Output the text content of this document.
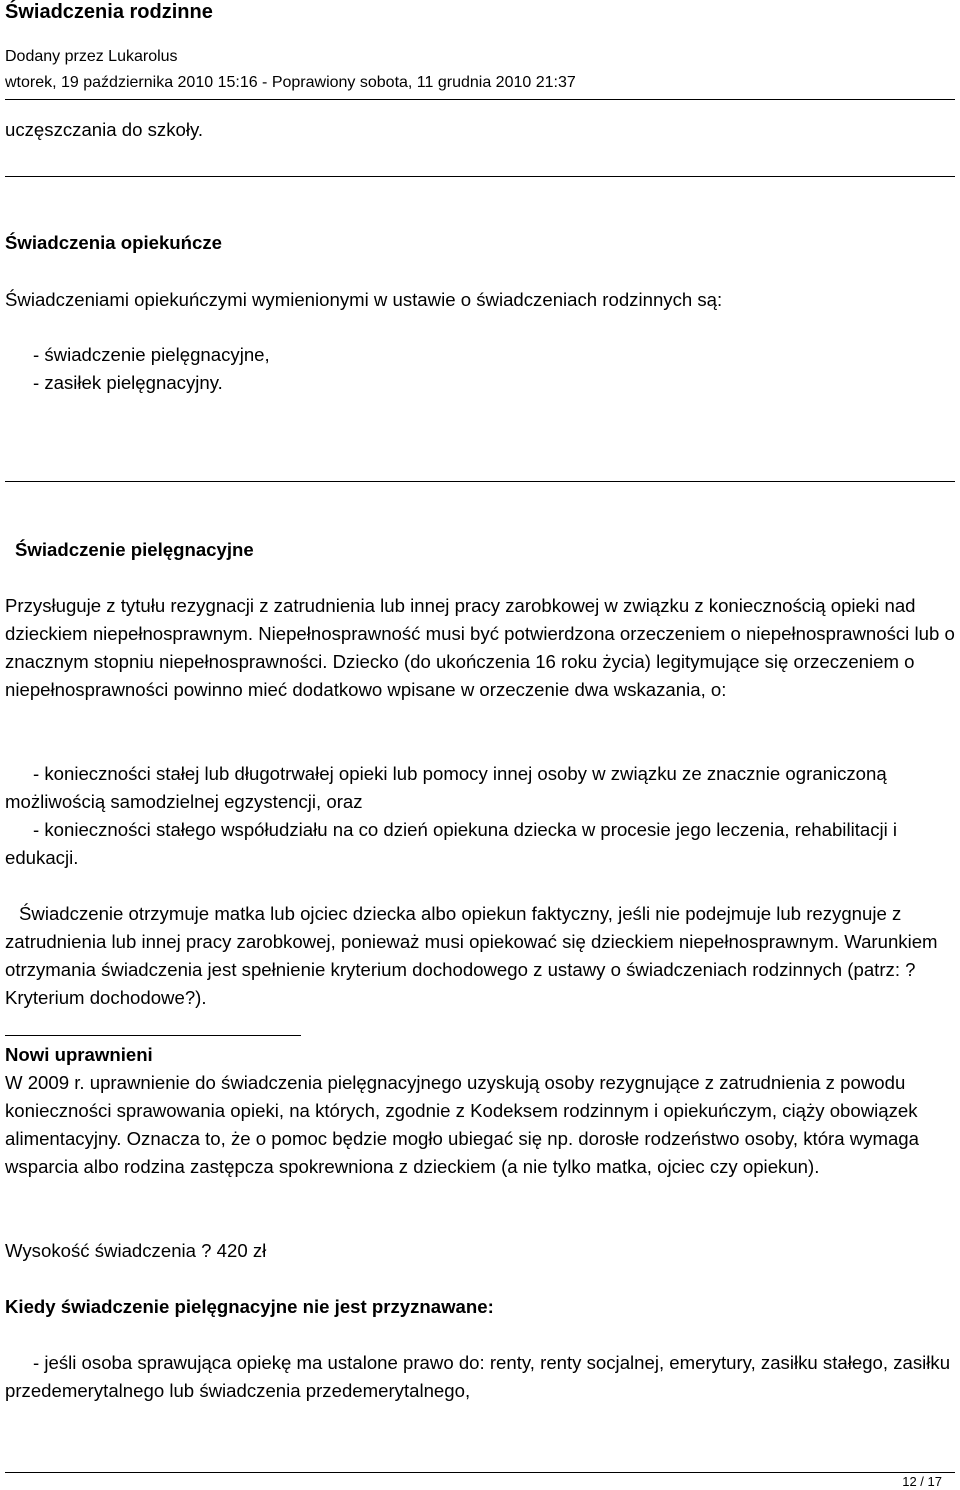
Świadczenia rodzinne
Dodany przez Lukarolus
wtorek, 19 października 2010 15:16 - Poprawiony sobota, 11 grudnia 2010 21:37

uczęszczania do szkoły.

Świadczenia opiekuńcze

Świadczeniami opiekuńczymi wymienionymi w ustawie o świadczeniach rodzinnych są:

- świadczenie pielęgnacyjne,

- zasiłek pielęgnacyjny.

Świadczenie pielęgnacyjne

Przysługuje z tytułu rezygnacji z zatrudnienia lub innej pracy zarobkowej w związku z koniecznością opieki nad dzieckiem niepełnosprawnym. Niepełnosprawność musi być potwierdzona orzeczeniem o niepełnosprawności lub o znacznym stopniu niepełnosprawności. Dziecko (do ukończenia 16 roku życia) legitymujące się orzeczeniem o niepełnosprawności powinno mieć dodatkowo wpisane w orzeczenie dwa wskazania, o:

- konieczności stałej lub długotrwałej opieki lub pomocy innej osoby w związku ze znacznie ograniczoną możliwością samodzielnej egzystencji, oraz

- konieczności stałego współudziału na co dzień opiekuna dziecka w procesie jego leczenia, rehabilitacji i edukacji.

Świadczenie otrzymuje matka lub ojciec dziecka albo opiekun faktyczny, jeśli nie podejmuje lub rezygnuje z zatrudnienia lub innej pracy zarobkowej, ponieważ musi opiekować się dzieckiem niepełnosprawnym. Warunkiem otrzymania świadczenia jest spełnienie kryterium dochodowego z ustawy o świadczeniach rodzinnych (patrz: ?Kryterium dochodowe?).

Nowi uprawnieni

W 2009 r. uprawnienie do świadczenia pielęgnacyjnego uzyskują osoby rezygnujące z zatrudnienia z powodu konieczności sprawowania opieki, na których, zgodnie z Kodeksem rodzinnym i opiekuńczym, ciąży obowiązek alimentacyjny. Oznacza to, że o pomoc będzie mogło ubiegać się np. dorosłe rodzeństwo osoby, która wymaga wsparcia albo rodzina zastępcza spokrewniona z dzieckiem (a nie tylko matka, ojciec czy opiekun).

Wysokość świadczenia ? 420 zł

Kiedy świadczenie pielęgnacyjne nie jest przyznawane:

- jeśli osoba sprawująca opiekę ma ustalone prawo do: renty, renty socjalnej, emerytury, zasiłku stałego, zasiłku przedemerytalnego lub świadczenia przedemerytalnego,

12 / 17
